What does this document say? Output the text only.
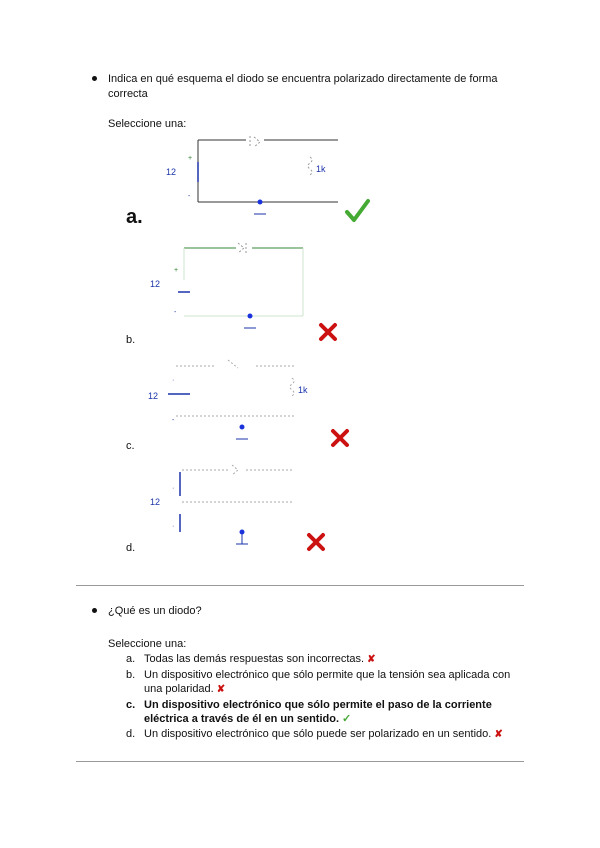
Indica en qué esquema el diodo se encuentra polarizado directamente de forma correcta
Seleccione una:
+
-
12	1k
a.
+
-
12
b.
·
-
12
1k
c.
·
·
12
d.
¿Qué es un diodo?
Seleccione una:
a. Todas las demás respuestas son incorrectas. ✘
b. Un dispositivo electrónico que sólo permite que la tensión sea aplicada con una polaridad. ✘
c. Un dispositivo electrónico que sólo permite el paso de la corriente eléctrica a través de él en un sentido. ✓
d. Un dispositivo electrónico que sólo puede ser polarizado en un sentido. ✘
